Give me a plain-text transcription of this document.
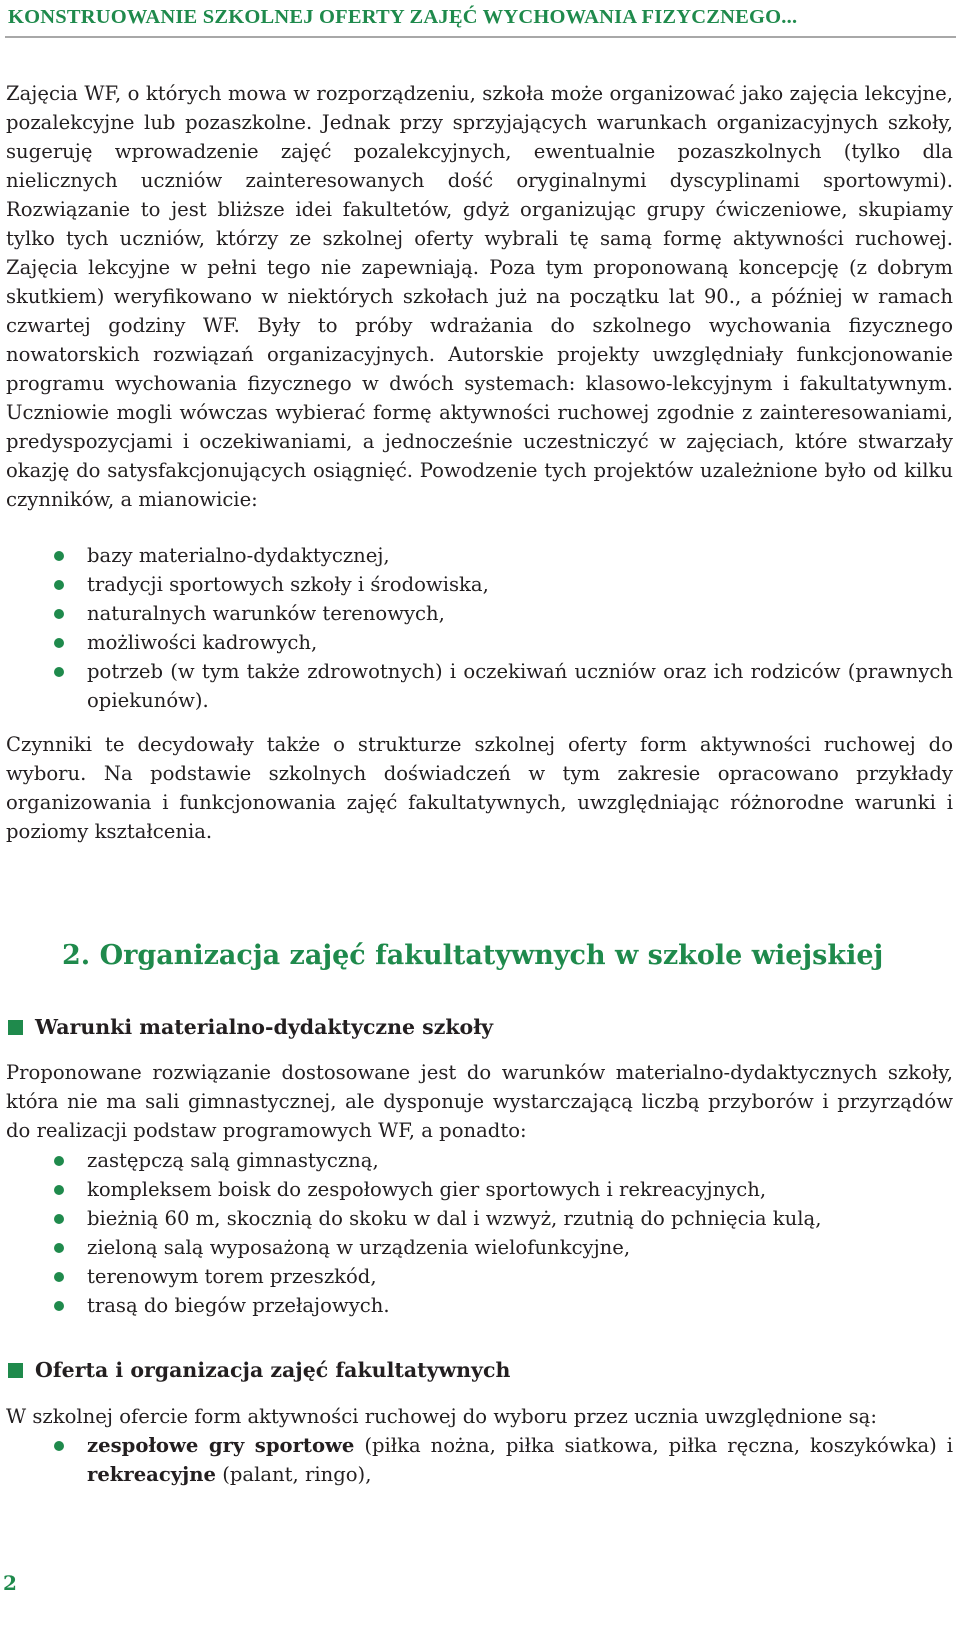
KONSTRUOWANIE SZKOLNEJ OFERTY ZAJĘĆ WYCHOWANIA FIZYCZNEGO...

Zajęcia WF, o których mowa w rozporządzeniu, szkoła może organizować jako zajęcia lekcyjne, pozalekcyjne lub pozaszkolne. Jednak przy sprzyjających warunkach organizacyjnych szkoły, sugeruję wprowadzenie zajęć pozalekcyjnych, ewentualnie pozaszkolnych (tylko dla nielicznych uczniów zainteresowanych dość oryginalnymi dyscyplinami sportowymi). Rozwiązanie to jest bliższe idei fakultetów, gdyż organizując grupy ćwiczeniowe, skupiamy tylko tych uczniów, którzy ze szkolnej oferty wybrali tę samą formę aktywności ruchowej. Zajęcia lekcyjne w pełni tego nie zapewniają. Poza tym proponowaną koncepcję (z dobrym skutkiem) weryfikowano w niektórych szkołach już na początku lat 90., a później w ramach czwartej godziny WF. Były to próby wdrażania do szkolnego wychowania fizycznego nowatorskich rozwiązań organizacyjnych. Autorskie projekty uwzględniały funkcjonowanie programu wychowania fizycznego w dwóch systemach: klasowo-lekcyjnym i fakultatywnym. Uczniowie mogli wówczas wybierać formę aktywności ruchowej zgodnie z zainteresowaniami, predyspozycjami i oczekiwaniami, a jednocześnie uczestniczyć w zajęciach, które stwarzały okazję do satysfakcjonujących osiągnięć. Powodzenie tych projektów uzależnione było od kilku czynników, a mianowicie:

bazy materialno-dydaktycznej,
tradycji sportowych szkoły i środowiska,
naturalnych warunków terenowych,
możliwości kadrowych,
potrzeb (w tym także zdrowotnych) i oczekiwań uczniów oraz ich rodziców (prawnych opiekunów).

Czynniki te decydowały także o strukturze szkolnej oferty form aktywności ruchowej do wyboru. Na podstawie szkolnych doświadczeń w tym zakresie opracowano przykłady organizowania i funkcjonowania zajęć fakultatywnych, uwzględniając różnorodne warunki i poziomy kształcenia.

2. Organizacja zajęć fakultatywnych w szkole wiejskiej
Warunki materialno-dydaktyczne szkoły

Proponowane rozwiązanie dostosowane jest do warunków materialno-dydaktycznych szkoły, która nie ma sali gimnastycznej, ale dysponuje wystarczającą liczbą przyborów i przyrządów do realizacji podstaw programowych WF, a ponadto:

zastępczą salą gimnastyczną,
kompleksem boisk do zespołowych gier sportowych i rekreacyjnych,
bieżnią 60 m, skocznią do skoku w dal i wzwyż, rzutnią do pchnięcia kulą,
zieloną salą wyposażoną w urządzenia wielofunkcyjne,
terenowym torem przeszkód,
trasą do biegów przełajowych.
Oferta i organizacja zajęć fakultatywnych

W szkolnej ofercie form aktywności ruchowej do wyboru przez ucznia uwzględnione są:

zespołowe gry sportowe (piłka nożna, piłka siatkowa, piłka ręczna, koszykówka) i rekreacyjne (palant, ringo),
2
